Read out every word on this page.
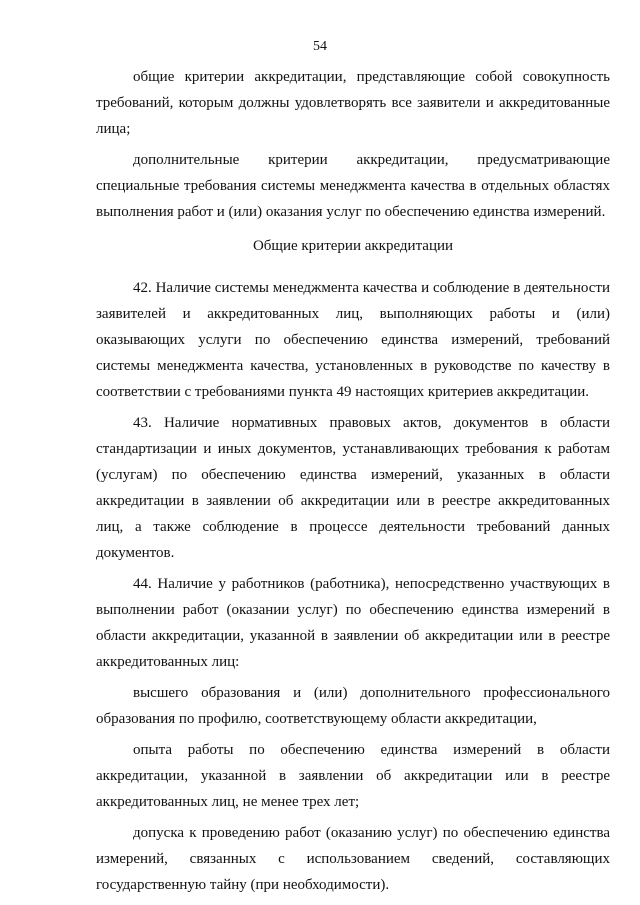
54

общие критерии аккредитации, представляющие собой совокупность требований, которым должны удовлетворять все заявители и аккредитованные лица;

дополнительные критерии аккредитации, предусматривающие специальные требования системы менеджмента качества в отдельных областях выполнения работ и (или) оказания услуг по обеспечению единства измерений.

Общие критерии аккредитации

42. Наличие системы менеджмента качества и соблюдение в деятельности заявителей и аккредитованных лиц, выполняющих работы и (или) оказывающих услуги по обеспечению единства измерений, требований системы менеджмента качества, установленных в руководстве по качеству в соответствии с требованиями пункта 49 настоящих критериев аккредитации.

43. Наличие нормативных правовых актов, документов в области стандартизации и иных документов, устанавливающих требования к работам (услугам) по обеспечению единства измерений, указанных в области аккредитации в заявлении об аккредитации или в реестре аккредитованных лиц, а также соблюдение в процессе деятельности требований данных документов.

44. Наличие у работников (работника), непосредственно участвующих в выполнении работ (оказании услуг) по обеспечению единства измерений в области аккредитации, указанной в заявлении об аккредитации или в реестре аккредитованных лиц:

высшего образования и (или) дополнительного профессионального образования по профилю, соответствующему области аккредитации,

опыта работы по обеспечению единства измерений в области аккредитации, указанной в заявлении об аккредитации или в реестре аккредитованных лиц, не менее трех лет;

допуска к проведению работ (оказанию услуг) по обеспечению единства измерений, связанных с использованием сведений, составляющих государственную тайну (при необходимости).
